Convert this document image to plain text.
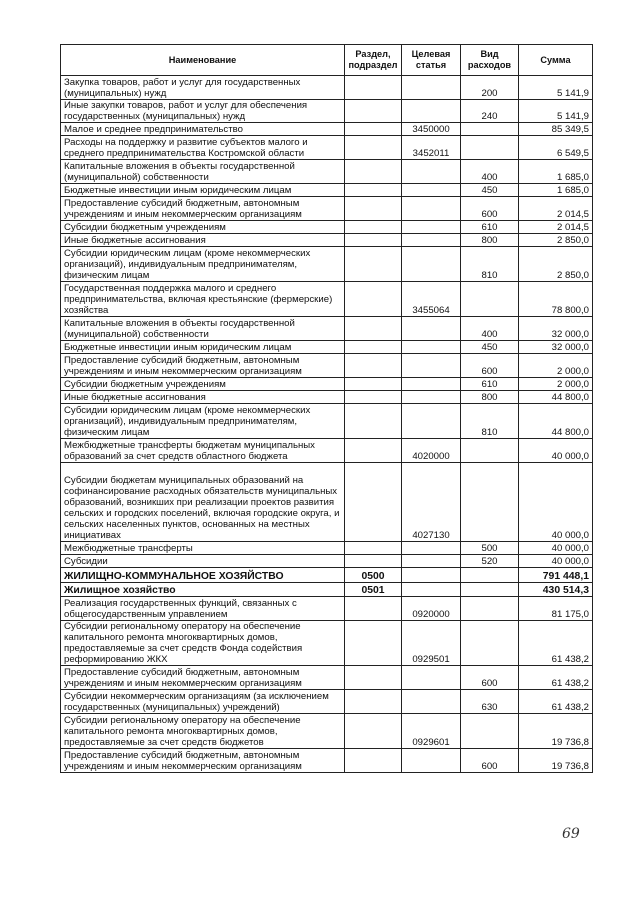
Наименование	Раздел, подраздел	Целевая статья	Вид расходов	Сумма
Закупка товаров, работ и услуг для государственных (муниципальных) нужд			200	5 141,9
Иные закупки товаров, работ и услуг для обеспечения государственных (муниципальных) нужд			240	5 141,9
Малое и среднее предпринимательство		3450000		85 349,5
Расходы на поддержку и развитие субъектов малого и среднего предпринимательства Костромской области		3452011		6 549,5
Капитальные вложения в объекты государственной (муниципальной) собственности			400	1 685,0
Бюджетные инвестиции иным юридическим лицам			450	1 685,0
Предоставление субсидий бюджетным, автономным учреждениям и иным некоммерческим организациям			600	2 014,5
Субсидии бюджетным учреждениям			610	2 014,5
Иные бюджетные ассигнования			800	2 850,0
Субсидии юридическим лицам (кроме некоммерческих организаций), индивидуальным предпринимателям, физическим лицам			810	2 850,0
Государственная поддержка малого и среднего предпринимательства, включая крестьянские (фермерские) хозяйства		3455064		78 800,0
Капитальные вложения в объекты государственной (муниципальной) собственности			400	32 000,0
Бюджетные инвестиции иным юридическим лицам			450	32 000,0
Предоставление субсидий бюджетным, автономным учреждениям и иным некоммерческим организациям			600	2 000,0
Субсидии бюджетным учреждениям			610	2 000,0
Иные бюджетные ассигнования			800	44 800,0
Субсидии юридическим лицам (кроме некоммерческих организаций), индивидуальным предпринимателям, физическим лицам			810	44 800,0
Межбюджетные трансферты бюджетам муниципальных образований за счет средств областного бюджета		4020000		40 000,0
Субсидии бюджетам муниципальных образований на софинансирование расходных обязательств муниципальных образований, возникших при реализации проектов развития сельских и городских поселений, включая городские округа, и сельских населенных пунктов, основанных на местных инициативах		4027130		40 000,0
Межбюджетные трансферты			500	40 000,0
Субсидии			520	40 000,0
ЖИЛИЩНО-КОММУНАЛЬНОЕ ХОЗЯЙСТВО	0500			791 448,1
Жилищное хозяйство	0501			430 514,3
Реализация государственных функций, связанных с общегосударственным управлением		0920000		81 175,0
Субсидии региональному оператору на обеспечение капитального ремонта многоквартирных домов, предоставляемые за счет средств Фонда содействия реформированию ЖКХ		0929501		61 438,2
Предоставление субсидий бюджетным, автономным учреждениям и иным некоммерческим организациям			600	61 438,2
Субсидии некоммерческим организациям (за исключением государственных (муниципальных) учреждений)			630	61 438,2
Субсидии региональному оператору на обеспечение капитального ремонта многоквартирных домов, предоставляемые за счет средств бюджетов		0929601		19 736,8
Предоставление субсидий бюджетным, автономным учреждениям и иным некоммерческим организациям			600	19 736,8
69
